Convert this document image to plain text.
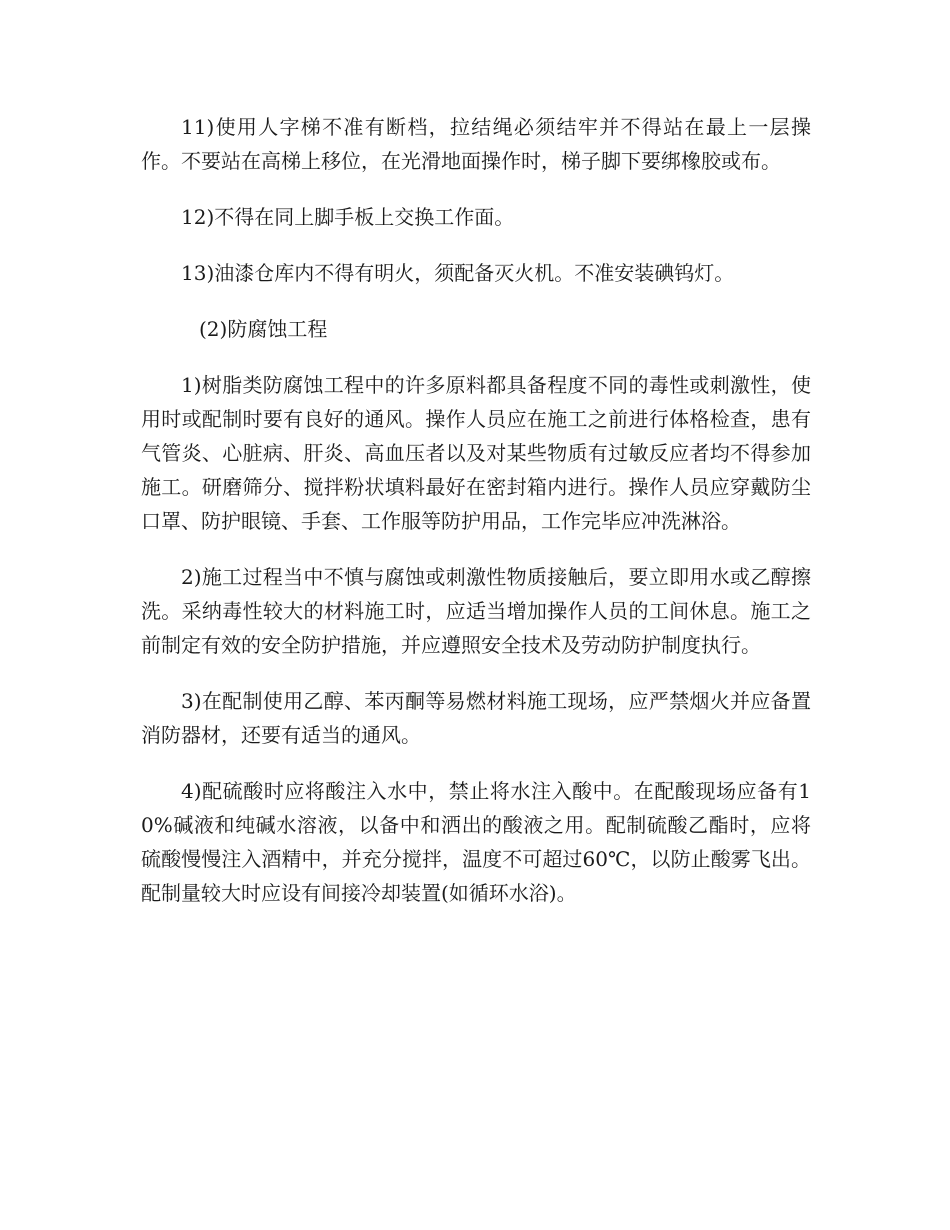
11)使用人字梯不准有断档，拉结绳必须结牢并不得站在最上一层操作。不要站在高梯上移位，在光滑地面操作时，梯子脚下要绑橡胶或布。

12)不得在同上脚手板上交换工作面。

13)油漆仓库内不得有明火，须配备灭火机。不准安装碘钨灯。

(2)防腐蚀工程

1)树脂类防腐蚀工程中的许多原料都具备程度不同的毒性或刺激性，使用时或配制时要有良好的通风。操作人员应在施工之前进行体格检查，患有气管炎、心脏病、肝炎、高血压者以及对某些物质有过敏反应者均不得参加施工。研磨筛分、搅拌粉状填料最好在密封箱内进行。操作人员应穿戴防尘口罩、防护眼镜、手套、工作服等防护用品，工作完毕应冲洗淋浴。

2)施工过程当中不慎与腐蚀或刺激性物质接触后，要立即用水或乙醇擦洗。采纳毒性较大的材料施工时，应适当增加操作人员的工间休息。施工之前制定有效的安全防护措施，并应遵照安全技术及劳动防护制度执行。

3)在配制使用乙醇、苯丙酮等易燃材料施工现场，应严禁烟火并应备置消防器材，还要有适当的通风。

4)配硫酸时应将酸注入水中，禁止将水注入酸中。在配酸现场应备有10%碱液和纯碱水溶液，以备中和洒出的酸液之用。配制硫酸乙酯时，应将硫酸慢慢注入酒精中，并充分搅拌，温度不可超过60℃，以防止酸雾飞出。配制量较大时应设有间接冷却装置(如循环水浴)。
